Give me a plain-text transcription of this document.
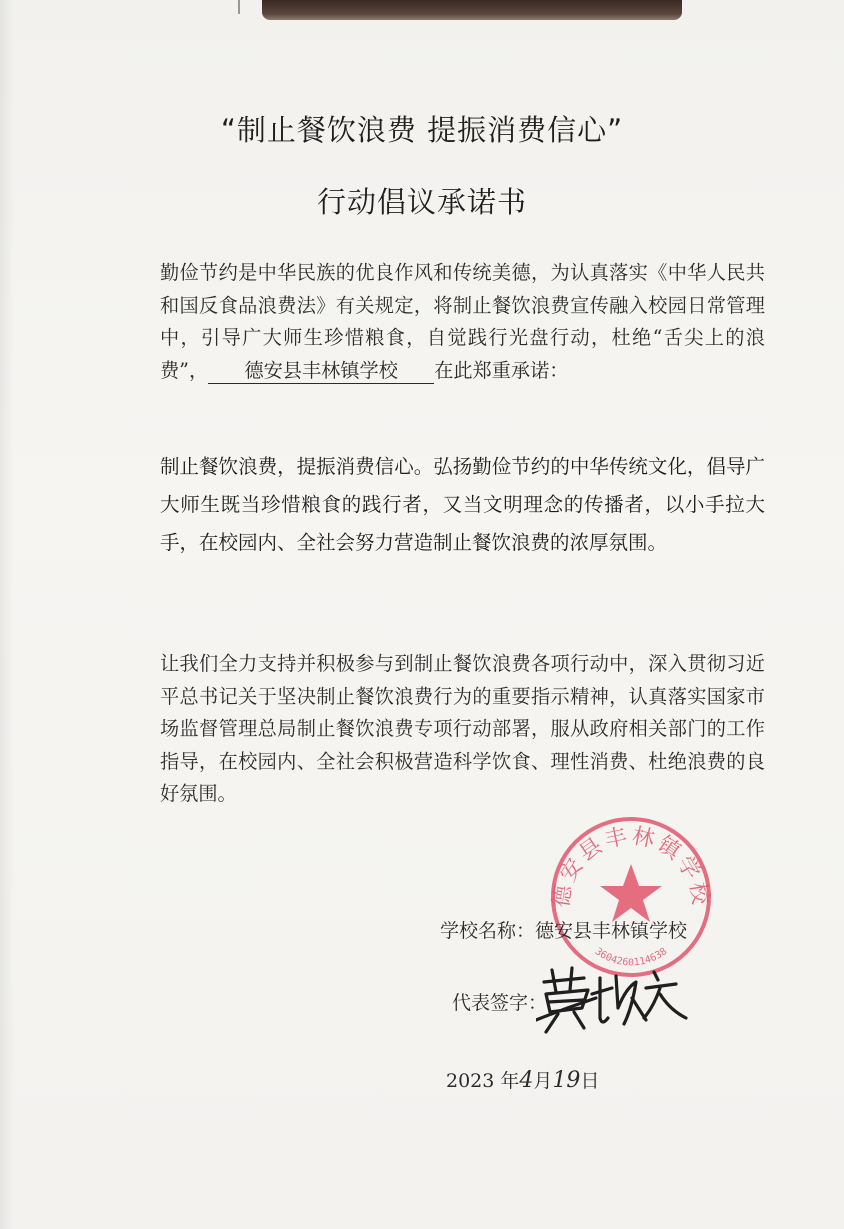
“制止餐饮浪费 提振消费信心”
行动倡议承诺书
勤俭节约是中华民族的优良作风和传统美德，为认真落实《中华人民共和国反食品浪费法》有关规定，将制止餐饮浪费宣传融入校园日常管理中，引导广大师生珍惜粮食，自觉践行光盘行动，杜绝“舌尖上的浪费”， 德安县丰林镇学校 在此郑重承诺：
制止餐饮浪费，提振消费信心。弘扬勤俭节约的中华传统文化，倡导广大师生既当珍惜粮食的践行者，又当文明理念的传播者，以小手拉大手，在校园内、全社会努力营造制止餐饮浪费的浓厚氛围。
让我们全力支持并积极参与到制止餐饮浪费各项行动中，深入贯彻习近平总书记关于坚决制止餐饮浪费行为的重要指示精神，认真落实国家市场监督管理总局制止餐饮浪费专项行动部署，服从政府相关部门的工作指导，在校园内、全社会积极营造科学饮食、理性消费、杜绝浪费的良好氛围。
德安县丰林镇学校
3604260114638
学校名称：德安县丰林镇学校
代表签字：
2023 年4月19日
